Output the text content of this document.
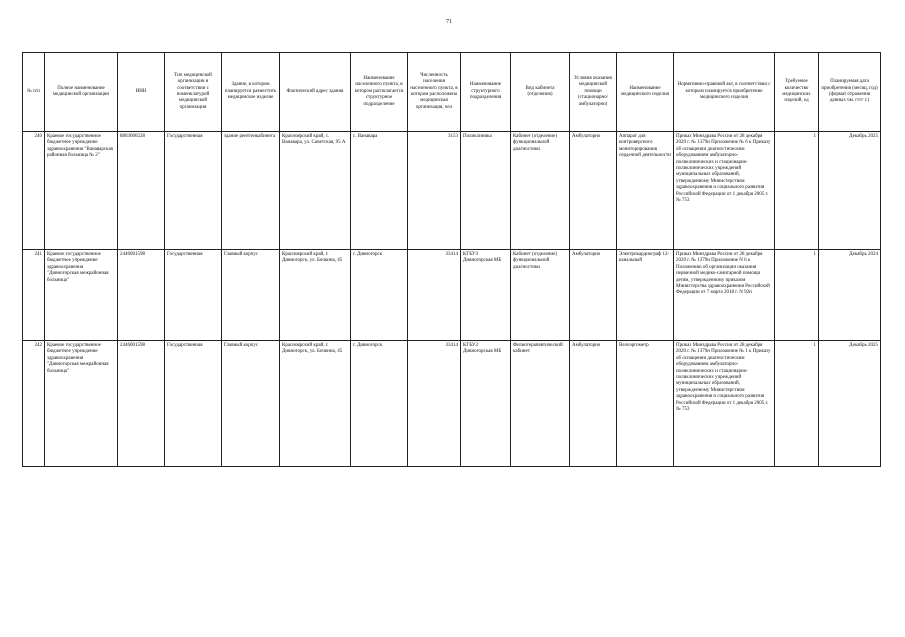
71
№ п/п	Полное наименование медицинской организации	ИНН	Тип медицинской организации в соответствии с номенклатурой медицинской организации	Здание, в котором планируется разместить медицинское изделие	Фактический адрес здания	Наименование населенного пункта, в котором располагается структурное подразделение	Численность населения населенного пункта, в котором расположена медицинская организация, чел	Наименование структурного подразделения	Вид кабинета (отделения)	Условия оказания медицинской помощи (стационарно/ амбулаторно)	Наименование медицинского изделия	Нормативно-правовой акт, в соответствии с которым планируется приобретение медицинского изделия	Требуемое количество медицинских изделий, ед	Планируемая дата приобретения (месяц, год) (формат отражения данных чм. гггг г.)
240	Краевое государственное бюджетное учреждение здравоохранения "Ванаварская районная больница № 2"	8803000228	Государственная	здание рентгенкабинета	Красноярский край, с. Ванавара, ул. Советская, 95 А	с. Ванавара	3153	Поликлиника	Кабинет (отделение) функциональной диагностики	Амбулаторно	Аппарат для контроверсного мониторирования сердечной деятельности	Приказ Минздрава России от 28 декабря 2020 г. № 1379н Приложение № 6 к Приказу об оснащении диагностическим оборудованием амбулаторно-поликлинических и стационарно-поликлинических учреждений муниципальных образований, утвержденному Министерством здравоохранения и социального развития Российской Федерации от 1 декабря 2005 г. № 753	1	Декабрь 2025
241	Краевое государственное бюджетное учреждение здравоохранения "Дивногорская межрайонная больница"	2446001598	Государственная	Главный корпус	Красноярский край, г. Дивногорск, ул. Бочкина, 45	г. Дивногорск	33414	КГБУЗ Дивногорская МБ	Кабинет (отделение) функциональной диагностики	Амбулаторно	Электрокардиограф 12-канальный	Приказ Минздрава России от 28 декабря 2020 г. № 1379н Приложение N 6 к Положению об организации оказания первичной медико-санитарной помощи детям, утвержденному приказом Министерства здравоохранения Российской Федерации от 7 марта 2018 г. N 92н	1	Декабрь 2024
242	Краевое государственное бюджетное учреждение здравоохранения "Дивногорская межрайонная больница"	2446001598	Государственная	Главный корпус	Красноярский край, г. Дивногорск, ул. Бочкина, 45	г. Дивногорск	33414	КГБУЗ Дивногорская МБ	Физиотерапевтический кабинет	Амбулаторно	Велоэргометр	Приказ Минздрава России от 28 декабря 2020 г. № 1379н Приложение № 1 к Приказу об оснащении диагностическим оборудованием амбулаторно-поликлинических и стационарно-поликлинических учреждений муниципальных образований, утвержденному Министерством здравоохранения и социального развития Российской Федерации от 1 декабря 2005 г. № 753	1	Декабрь 2025
